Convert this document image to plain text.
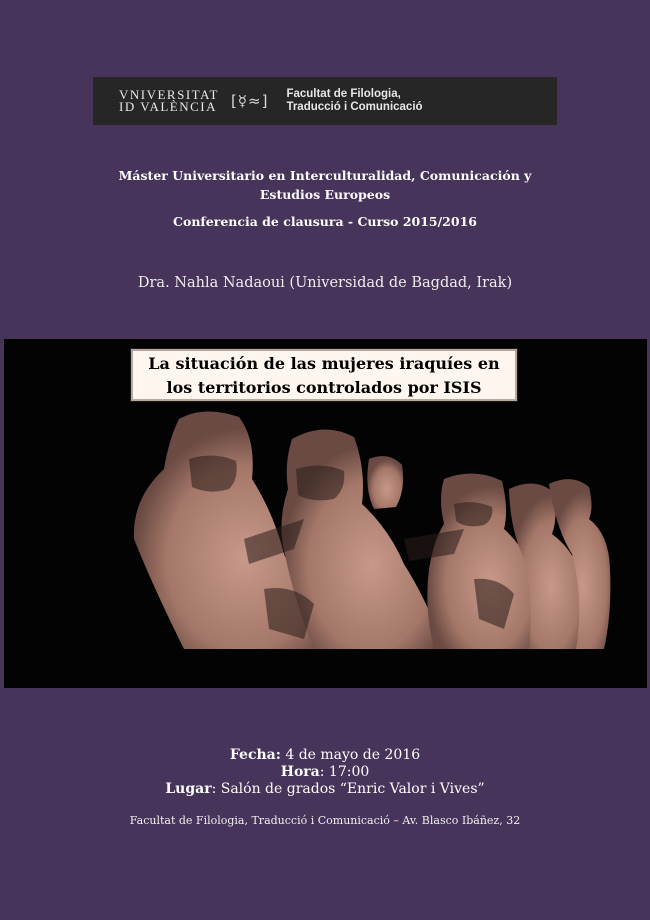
VNIVERSITAT
ID VALÈNCIA [☿≈] Facultat de Filologia,
Traducció i Comunicació
Máster Universitario en Interculturalidad, Comunicación y Estudios Europeos
Conferencia de clausura - Curso 2015/2016
Dra. Nahla Nadaoui (Universidad de Bagdad, Irak)
La situación de las mujeres iraquíes en
los territorios controlados por ISIS
Fecha: 4 de mayo de 2016
Hora: 17:00
Lugar: Salón de grados “Enric Valor i Vives”
Facultat de Filologia, Traducció i Comunicació – Av. Blasco Ibáñez, 32
